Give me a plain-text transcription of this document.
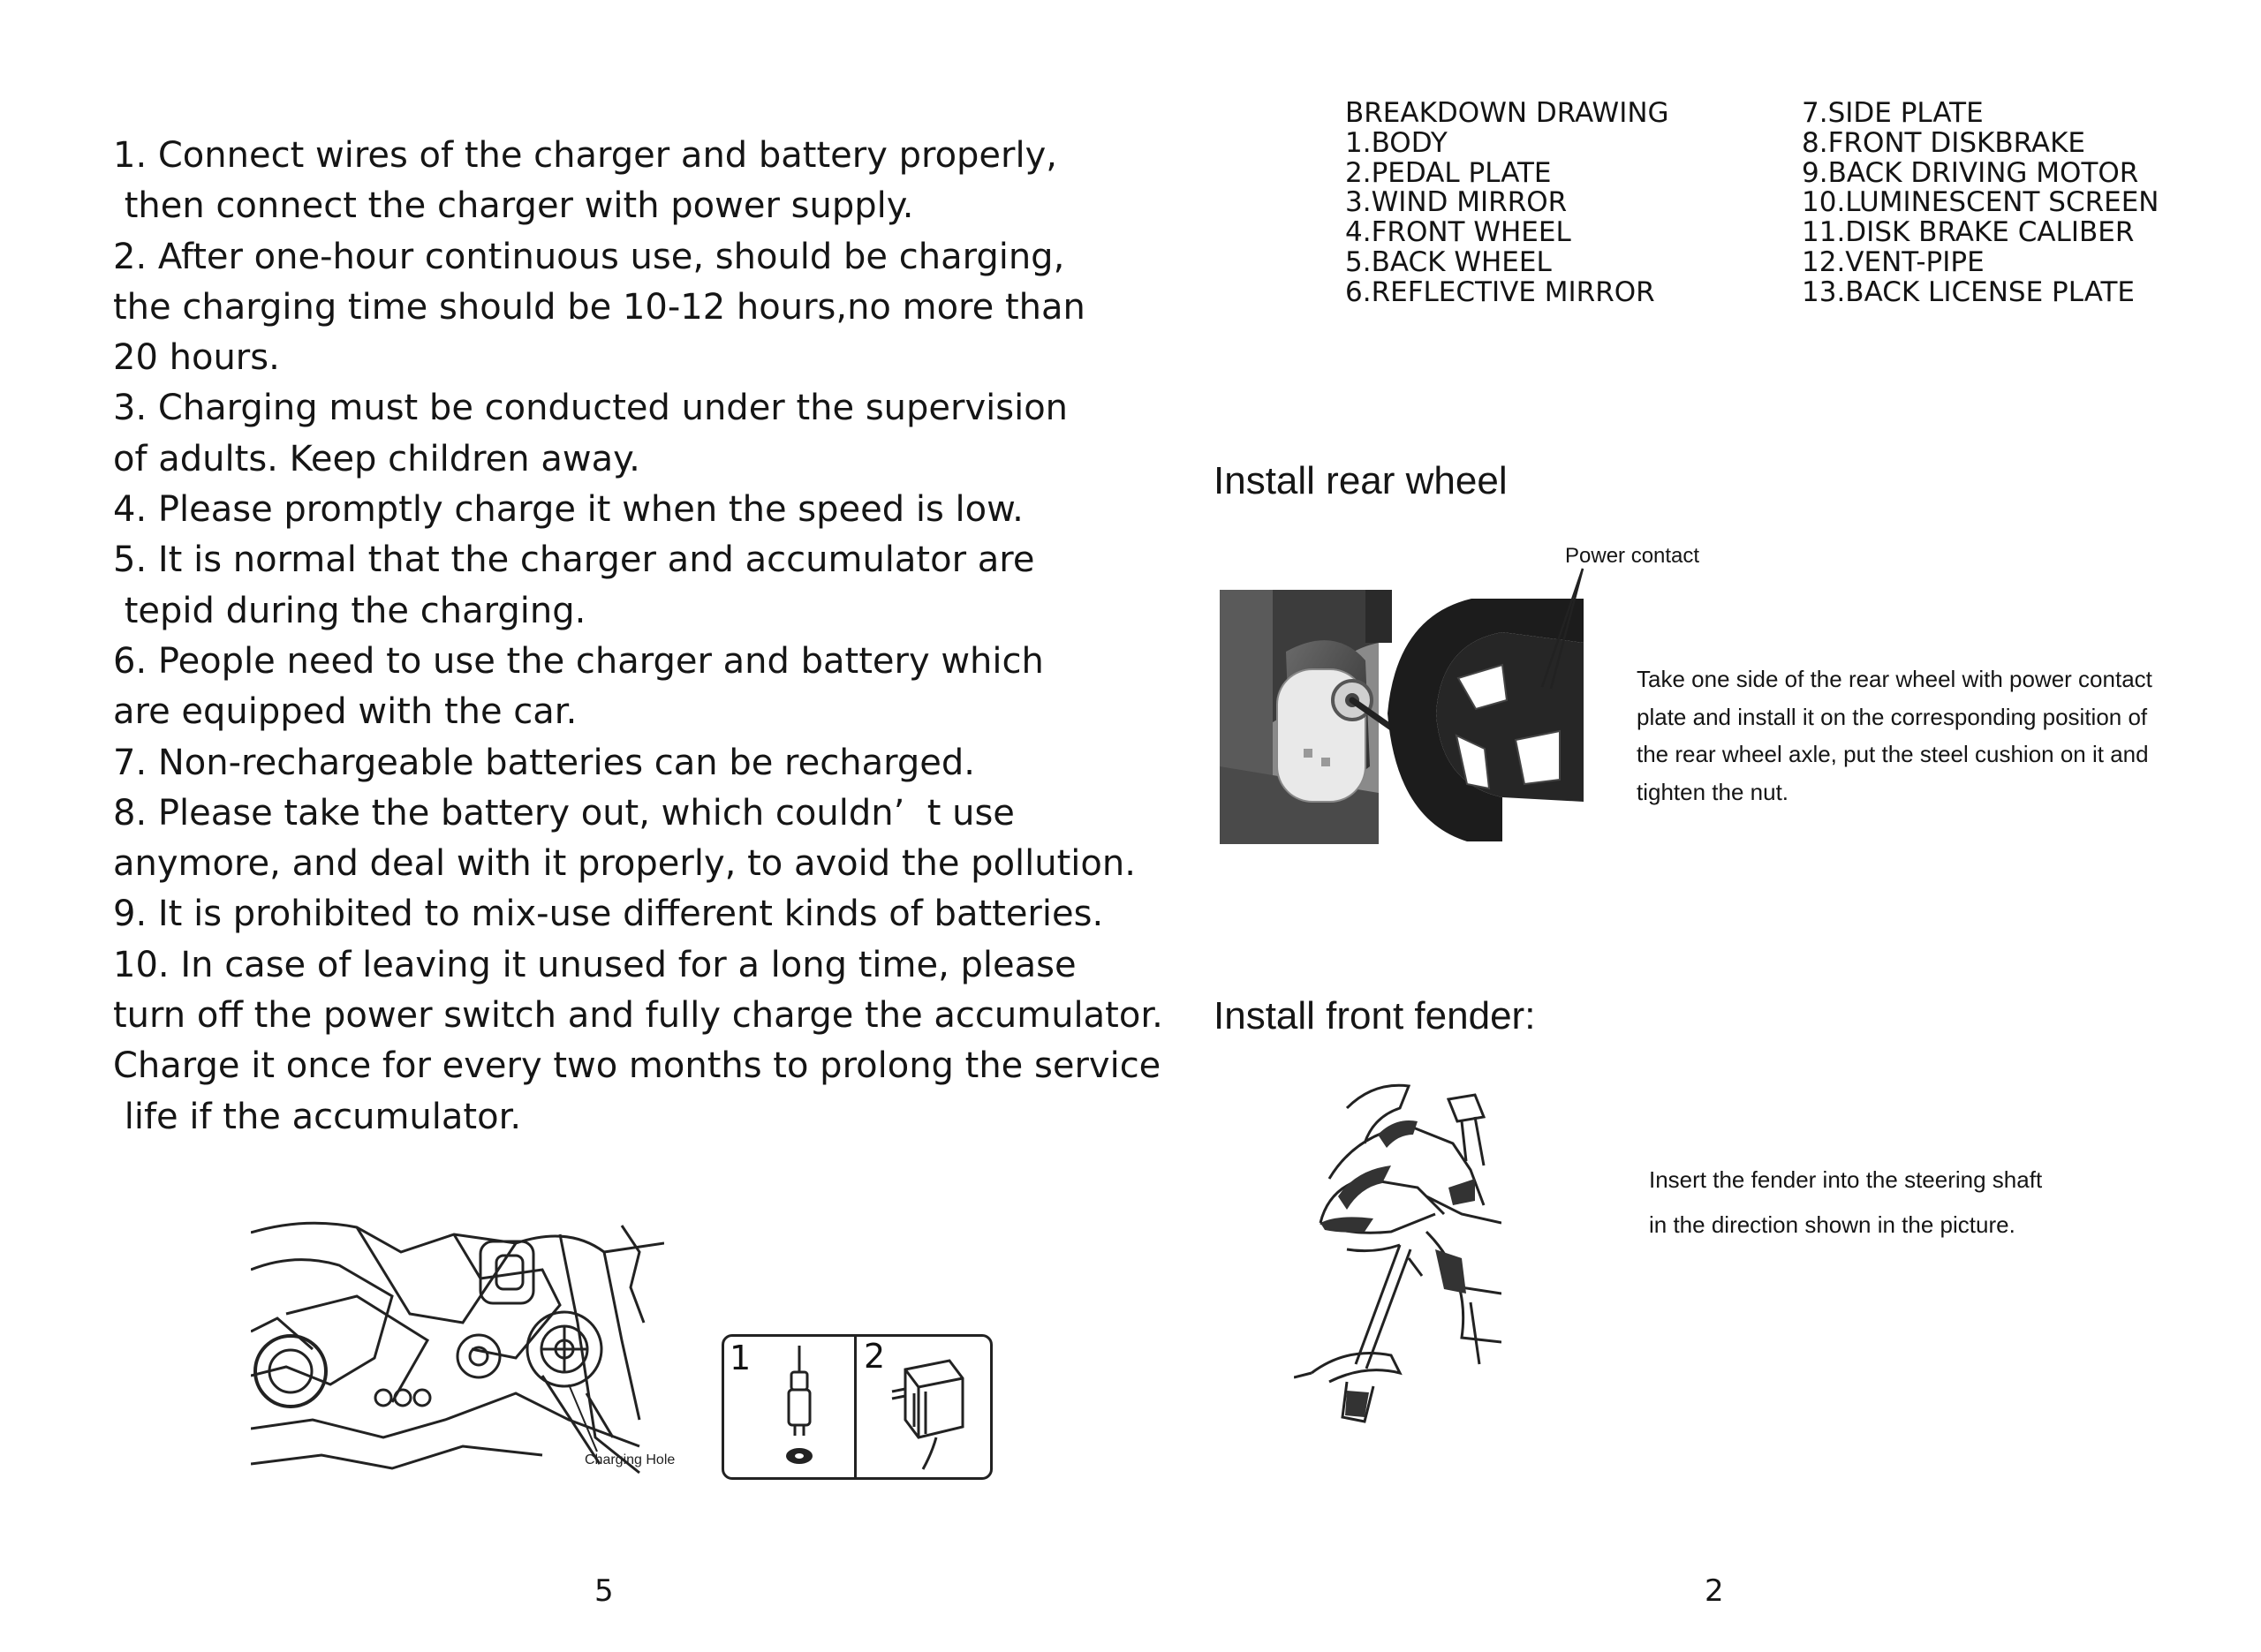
1. Connect wires of the charger and battery properly,
then connect the charger with power supply.
2. After one-hour continuous use, should be charging,
the charging time should be 10-12 hours,no more than
20 hours.
3. Charging must be conducted under the supervision
of adults. Keep children away.
4. Please promptly charge it when the speed is low.
5. It is normal that the charger and accumulator are
tepid during the charging.
6. People need to use the charger and battery which
are equipped with the car.
7. Non-rechargeable batteries can be recharged.
8. Please take the battery out, which couldn’  t use
anymore, and deal with it properly, to avoid the pollution.
9. It is prohibited to mix-use different kinds of batteries.
10. In case of leaving it unused for a long time, please
turn off the power switch and fully charge the accumulator.
Charge it once for every two months to prolong the service
life if the accumulator.
Charging Hole
1	2
5
BREAKDOWN DRAWING
1.BODY
2.PEDAL PLATE
3.WIND MIRROR
4.FRONT WHEEL
5.BACK WHEEL
6.REFLECTIVE MIRROR
7.SIDE PLATE
8.FRONT DISKBRAKE
9.BACK DRIVING MOTOR
10.LUMINESCENT SCREEN
11.DISK BRAKE CALIBER
12.VENT-PIPE
13.BACK LICENSE PLATE
Install rear wheel
Power contact
Take one side of the rear wheel with power contact
plate and install it on the corresponding position of
the rear wheel axle, put the steel cushion on it and
tighten the nut.
Install front fender:
Insert the fender into the steering shaft
in the direction shown in the picture.
2
